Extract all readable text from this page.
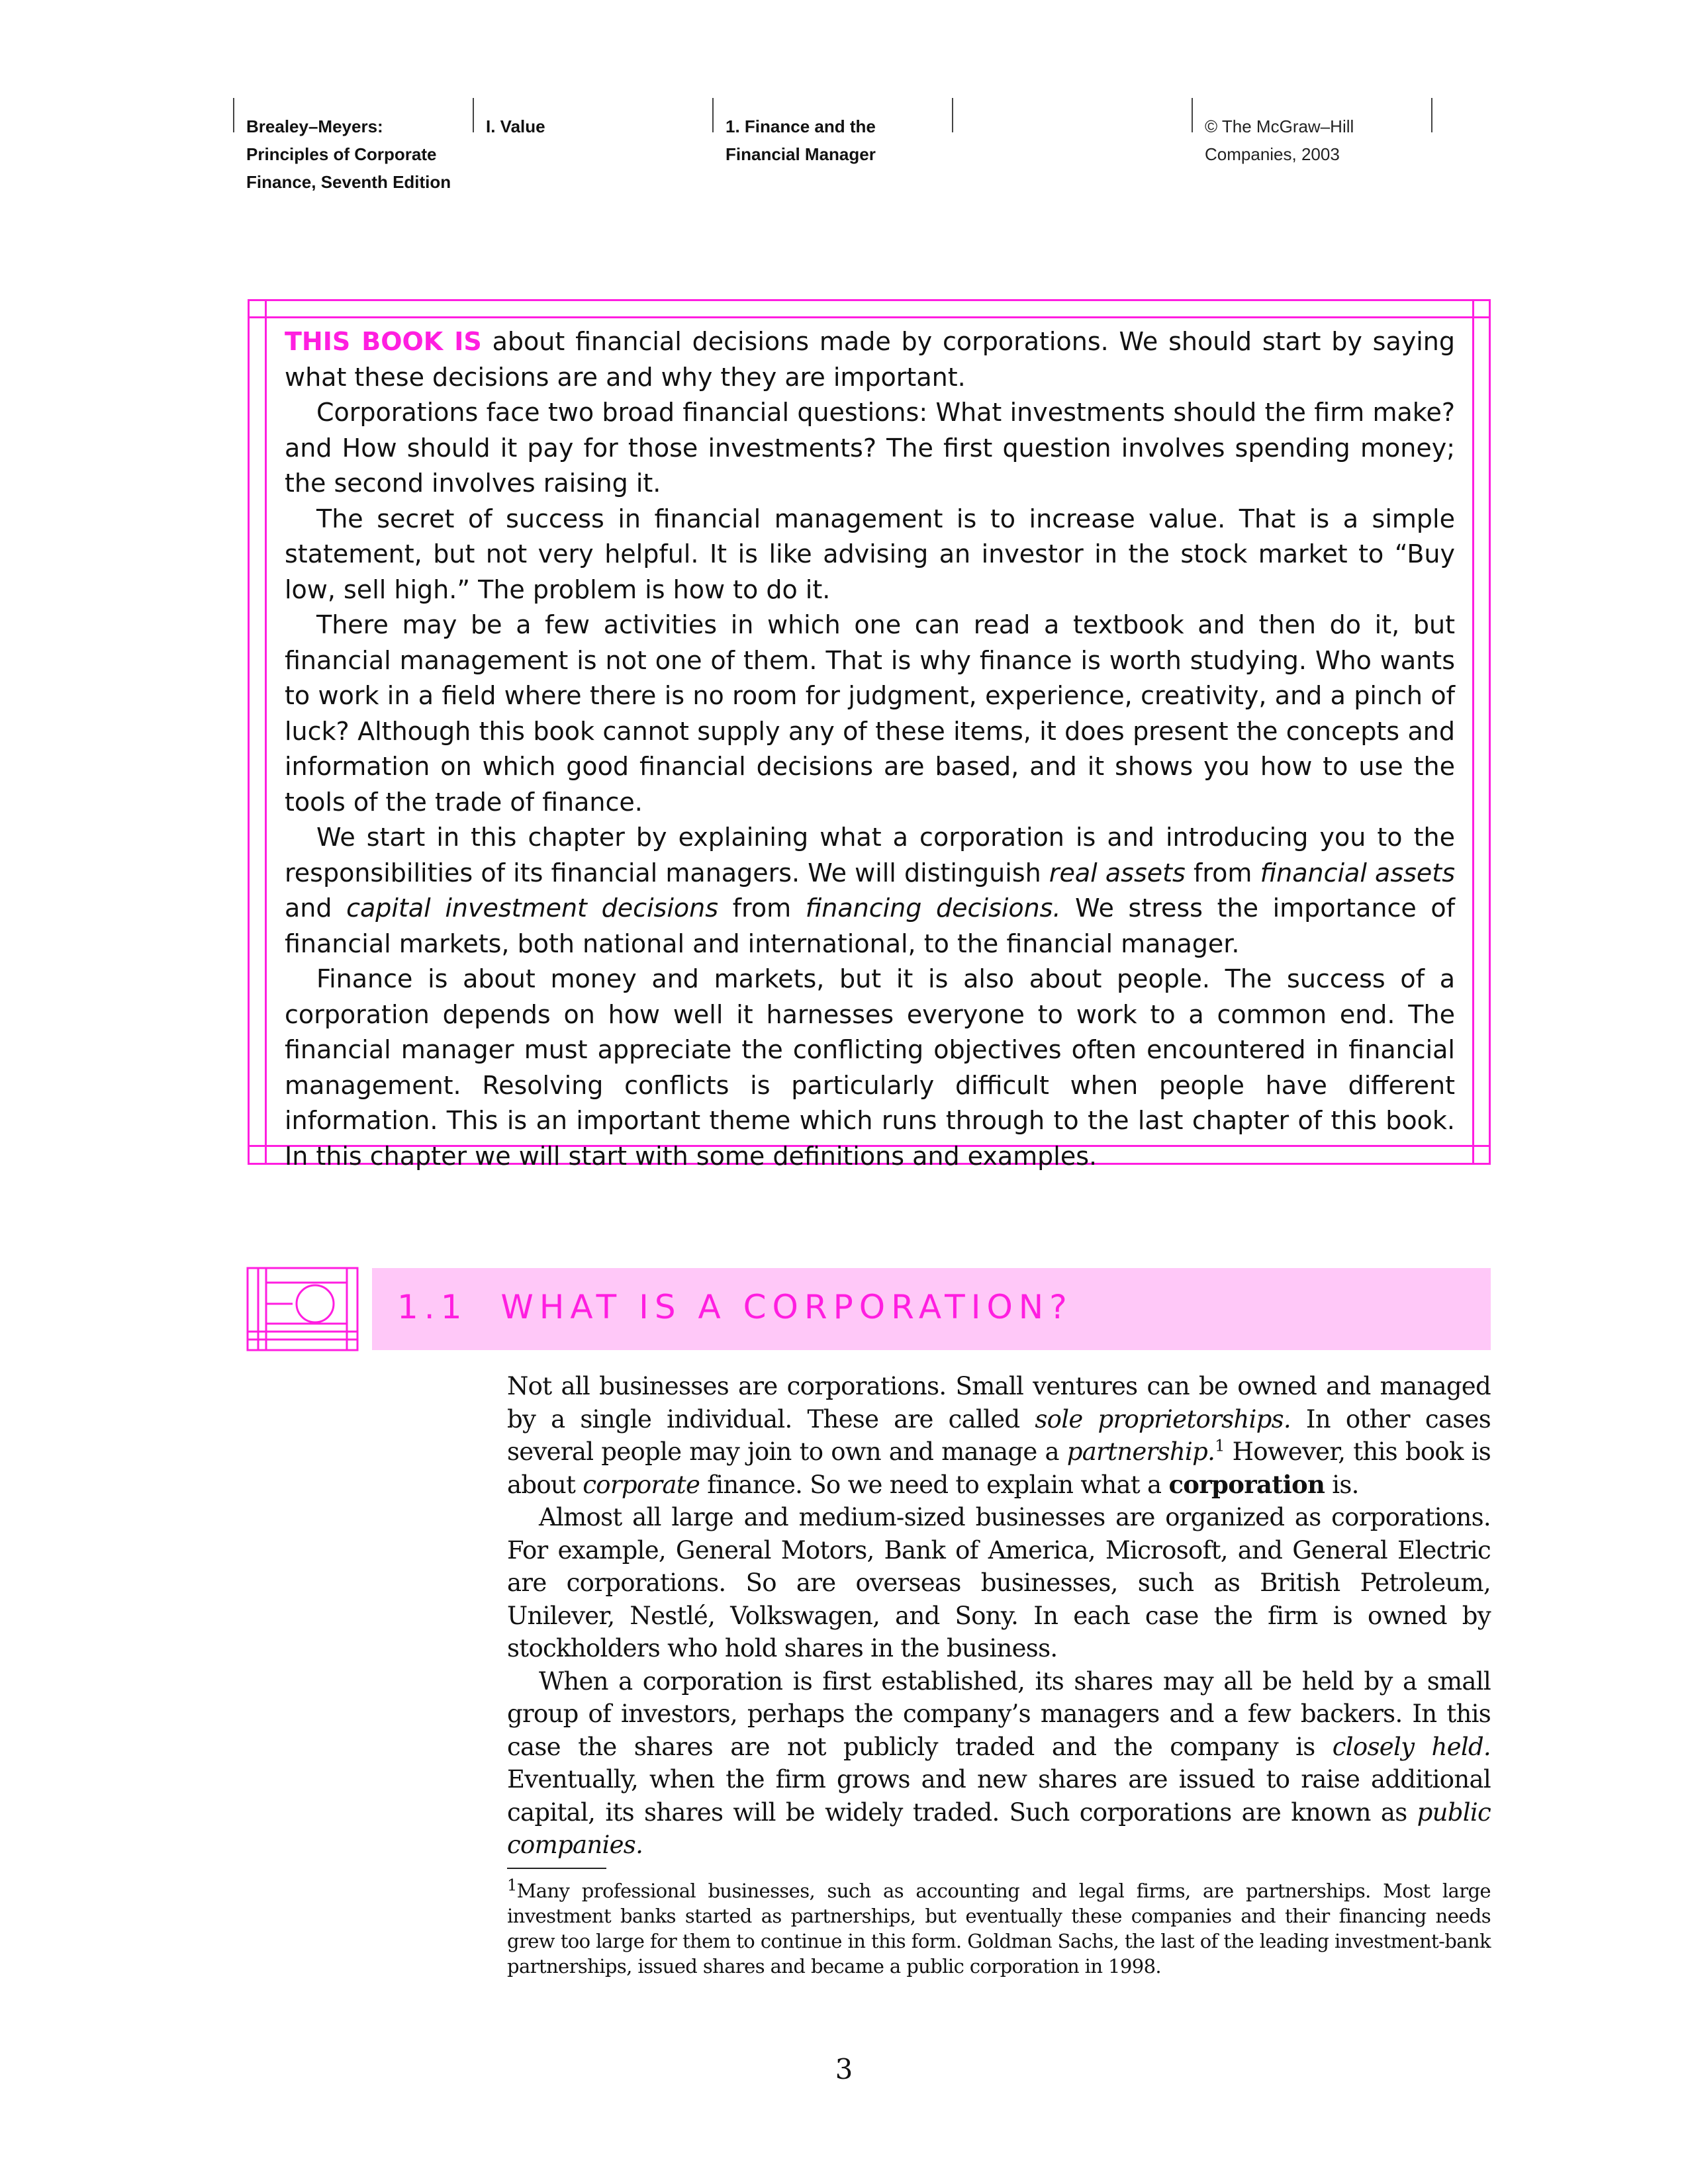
Brealey–Meyers:
Principles of Corporate
Finance, Seventh Edition
I. Value	1. Finance and the
Financial Manager
© The McGraw–Hill
Companies, 2003

THIS BOOK IS about financial decisions made by corporations. We should start by saying what these decisions are and why they are important.

Corporations face two broad financial questions: What investments should the firm make? and How should it pay for those investments? The first question involves spending money; the second involves raising it.

The secret of success in financial management is to increase value. That is a simple statement, but not very helpful. It is like advising an investor in the stock market to “Buy low, sell high.” The problem is how to do it.

There may be a few activities in which one can read a textbook and then do it, but financial management is not one of them. That is why finance is worth studying. Who wants to work in a field where there is no room for judgment, experience, creativity, and a pinch of luck? Although this book cannot supply any of these items, it does present the concepts and information on which good financial decisions are based, and it shows you how to use the tools of the trade of finance.

We start in this chapter by explaining what a corporation is and introducing you to the responsibilities of its financial managers. We will distinguish real assets from financial assets and capital investment decisions from financing decisions. We stress the importance of financial markets, both national and international, to the financial manager.

Finance is about money and markets, but it is also about people. The success of a corporation depends on how well it harnesses everyone to work to a common end. The financial manager must appreciate the conflicting objectives often encountered in financial management. Resolving conflicts is particularly difficult when people have different information. This is an important theme which runs through to the last chapter of this book. In this chapter we will start with some definitions and examples.

1.1 WHAT IS A CORPORATION?

Not all businesses are corporations. Small ventures can be owned and managed by a single individual. These are called sole proprietorships. In other cases several people may join to own and manage a partnership.$^1$ However, this book is about corporate finance. So we need to explain what a corporation is.

Almost all large and medium-sized businesses are organized as corporations. For example, General Motors, Bank of America, Microsoft, and General Electric are corporations. So are overseas businesses, such as British Petroleum, Unilever, Nestlé, Volkswagen, and Sony. In each case the firm is owned by stockholders who hold shares in the business.

When a corporation is first established, its shares may all be held by a small group of investors, perhaps the company’s managers and a few backers. In this case the shares are not publicly traded and the company is closely held. Eventually, when the firm grows and new shares are issued to raise additional capital, its shares will be widely traded. Such corporations are known as public companies.

$^1$Many professional businesses, such as accounting and legal firms, are partnerships. Most large investment banks started as partnerships, but eventually these companies and their financing needs grew too large for them to continue in this form. Goldman Sachs, the last of the leading investment-bank partnerships, issued shares and became a public corporation in 1998.
3
